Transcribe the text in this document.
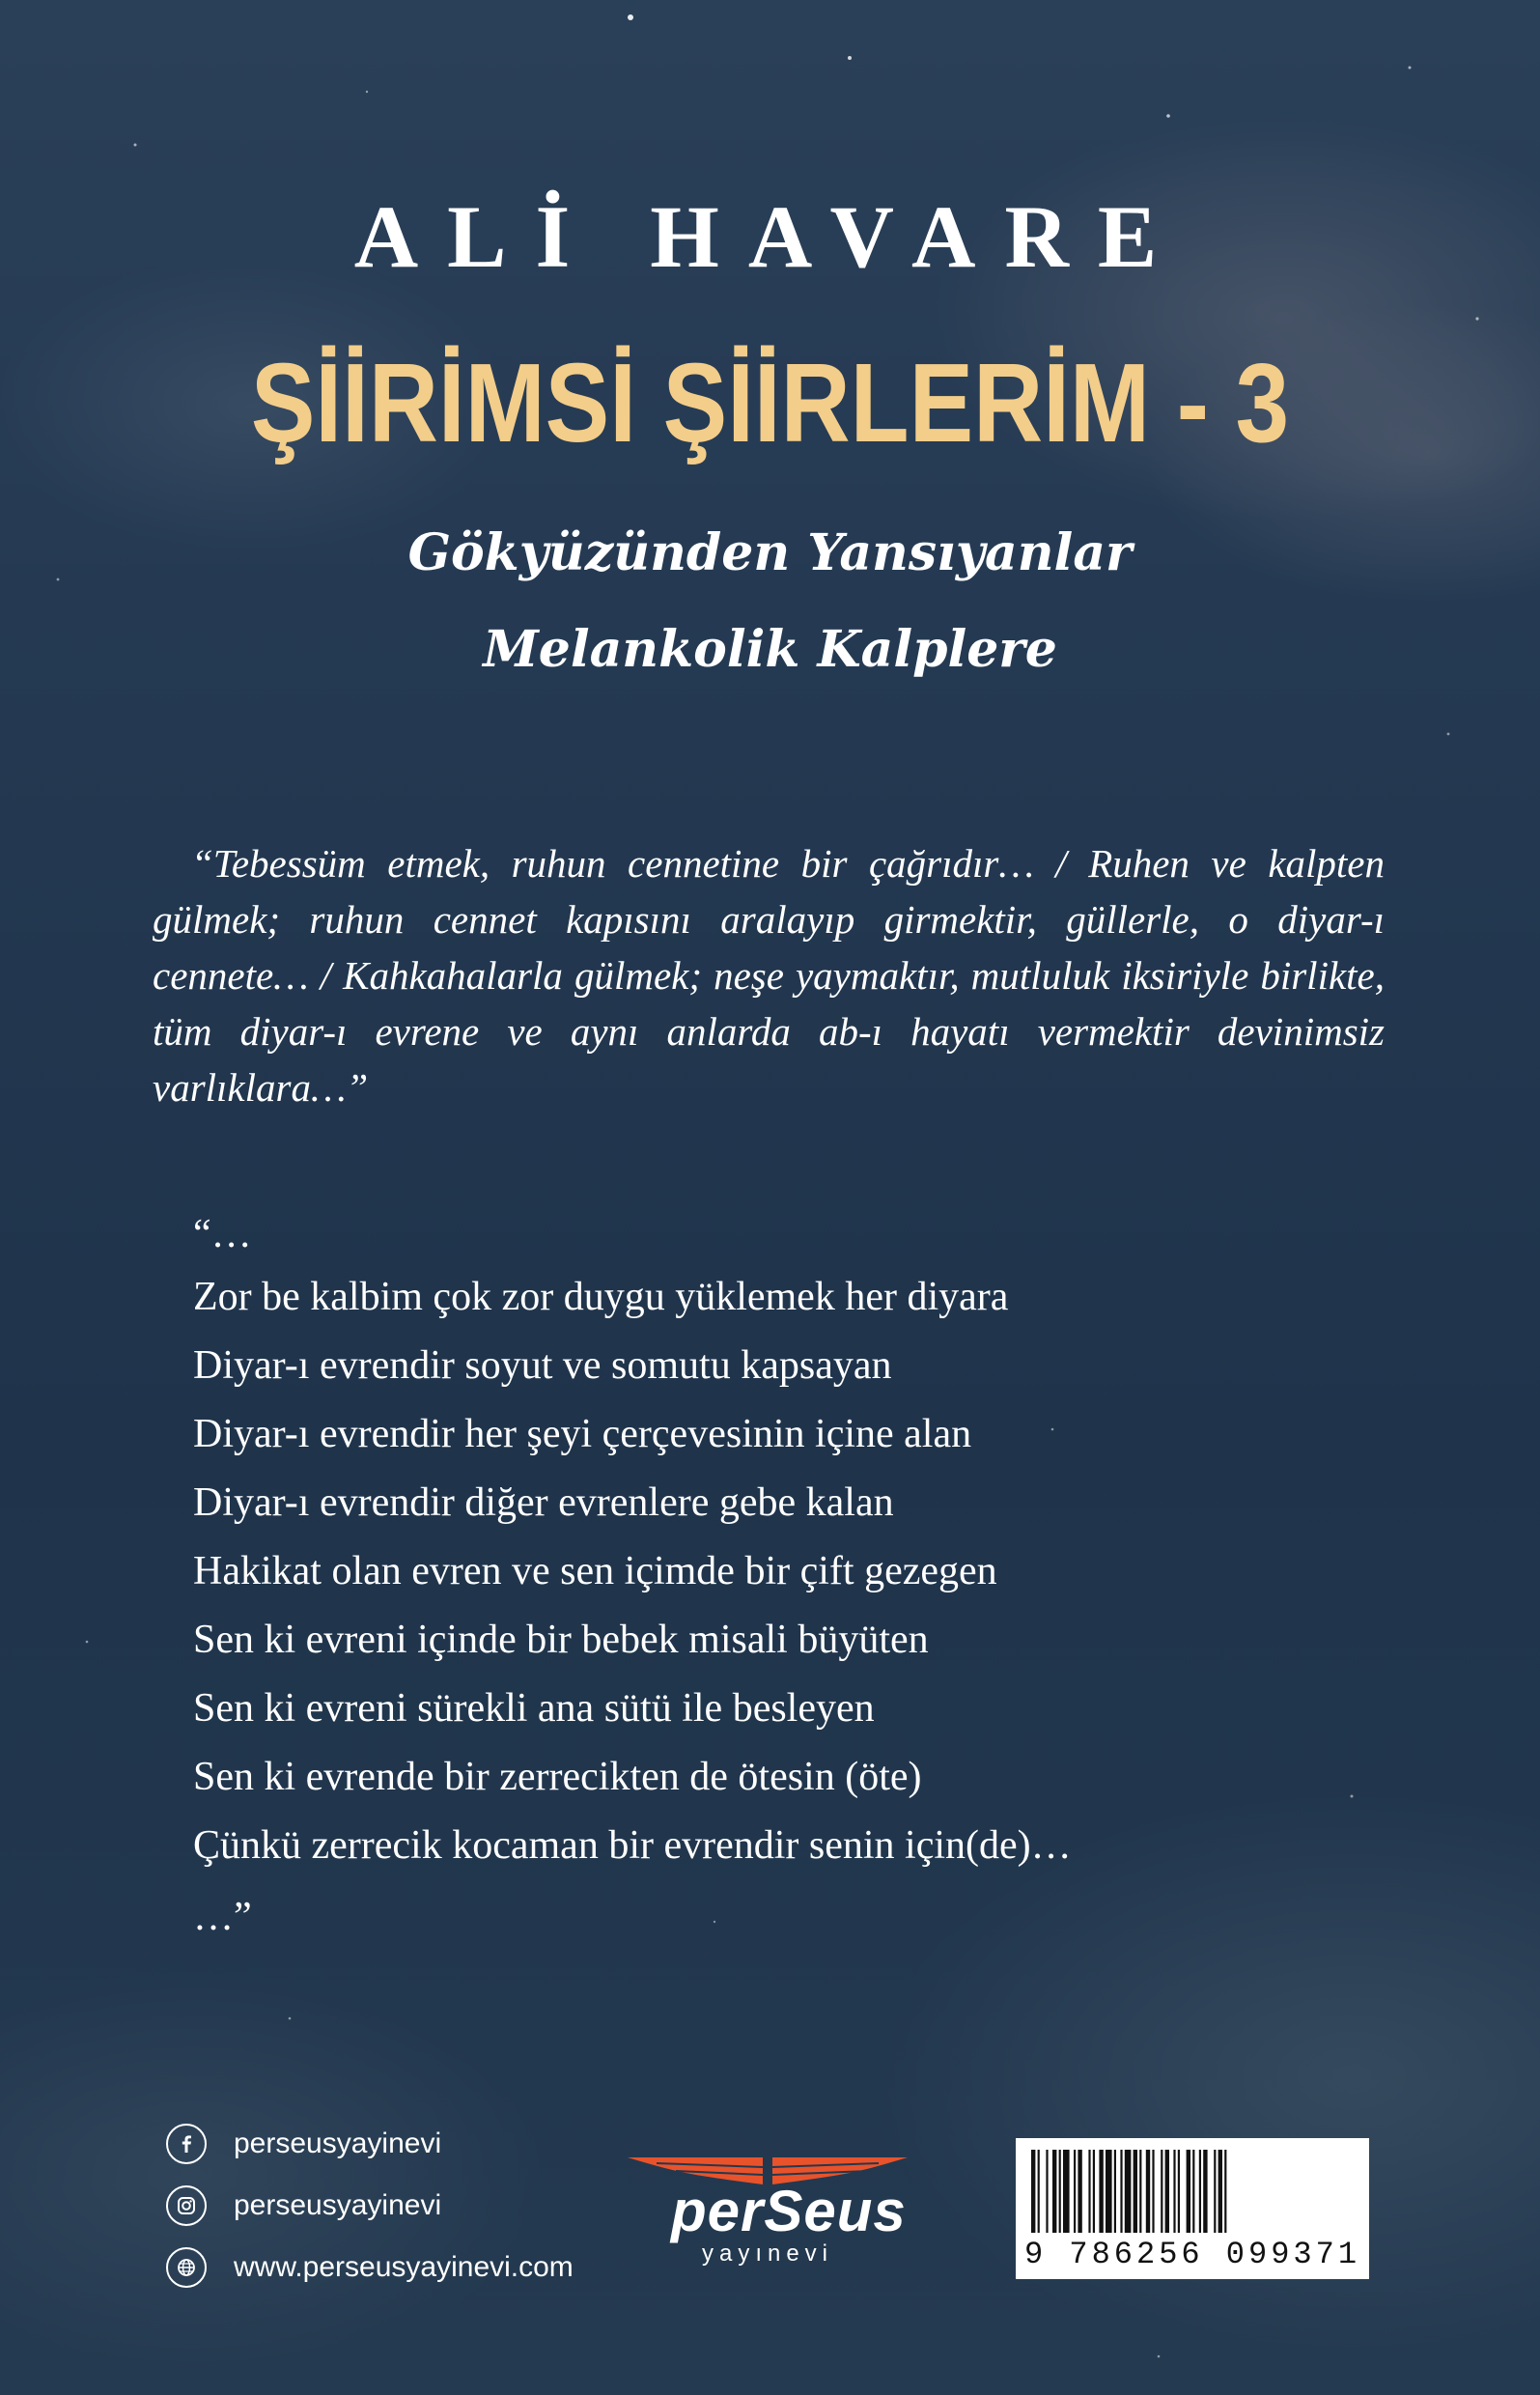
ALİ HAVARE
ŞİİRİMSİ ŞİİRLERİM - 3
Gökyüzünden Yansıyanlar
Melankolik Kalplere
“Tebessüm etmek, ruhun cennetine bir çağrıdır… / Ruhen ve kalpten gülmek; ruhun cennet kapısını aralayıp girmektir, güllerle, o diyar-ı cennete… / Kahkahalarla gülmek; neşe yaymaktır, mutluluk iksiriyle birlikte, tüm diyar-ı evrene ve aynı anlarda ab-ı hayatı vermektir devinimsiz varlıklara…”
“…
Zor be kalbim çok zor duygu yüklemek her diyara
Diyar-ı evrendir soyut ve somutu kapsayan
Diyar-ı evrendir her şeyi çerçevesinin içine alan
Diyar-ı evrendir diğer evrenlere gebe kalan
Hakikat olan evren ve sen içimde bir çift gezegen
Sen ki evreni içinde bir bebek misali büyüten
Sen ki evreni sürekli ana sütü ile besleyen
Sen ki evrende bir zerrecikten de ötesin (öte)
Çünkü zerrecik kocaman bir evrendir senin için(de)…
…”
perseusyayinevi
perseusyayinevi
www.perseusyayinevi.com
perSeus
yayınevi	9 786256 099371
